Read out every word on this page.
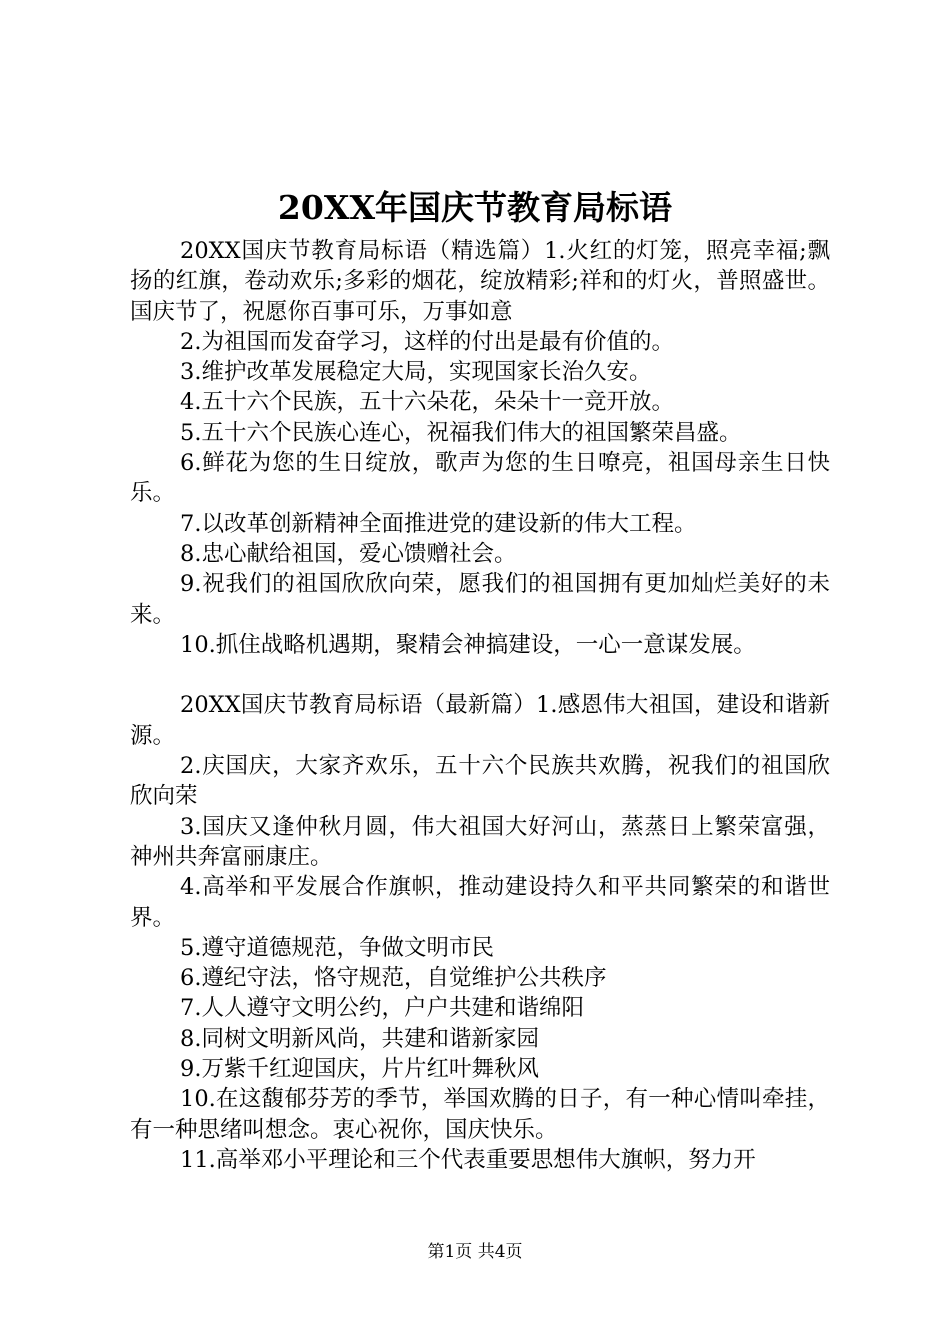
20XX年国庆节教育局标语

20XX国庆节教育局标语（精选篇）1.火红的灯笼，照亮幸福;飘扬的红旗，卷动欢乐;多彩的烟花，绽放精彩;祥和的灯火，普照盛世。国庆节了，祝愿你百事可乐，万事如意

2.为祖国而发奋学习，这样的付出是最有价值的。

3.维护改革发展稳定大局，实现国家长治久安。

4.五十六个民族，五十六朵花，朵朵十一竞开放。

5.五十六个民族心连心，祝福我们伟大的祖国繁荣昌盛。

6.鲜花为您的生日绽放，歌声为您的生日嘹亮，祖国母亲生日快乐。

7.以改革创新精神全面推进党的建设新的伟大工程。

8.忠心献给祖国，爱心馈赠社会。

9.祝我们的祖国欣欣向荣，愿我们的祖国拥有更加灿烂美好的未来。

10.抓住战略机遇期，聚精会神搞建设，一心一意谋发展。

20XX国庆节教育局标语（最新篇）1.感恩伟大祖国，建设和谐新源。

2.庆国庆，大家齐欢乐，五十六个民族共欢腾，祝我们的祖国欣欣向荣

3.国庆又逢仲秋月圆，伟大祖国大好河山，蒸蒸日上繁荣富强，神州共奔富丽康庄。

4.高举和平发展合作旗帜，推动建设持久和平共同繁荣的和谐世界。

5.遵守道德规范，争做文明市民

6.遵纪守法，恪守规范，自觉维护公共秩序

7.人人遵守文明公约，户户共建和谐绵阳

8.同树文明新风尚，共建和谐新家园

9.万紫千红迎国庆，片片红叶舞秋风

10.在这馥郁芬芳的季节，举国欢腾的日子，有一种心情叫牵挂，有一种思绪叫想念。衷心祝你，国庆快乐。

11.高举邓小平理论和三个代表重要思想伟大旗帜，努力开

第1页 共4页
